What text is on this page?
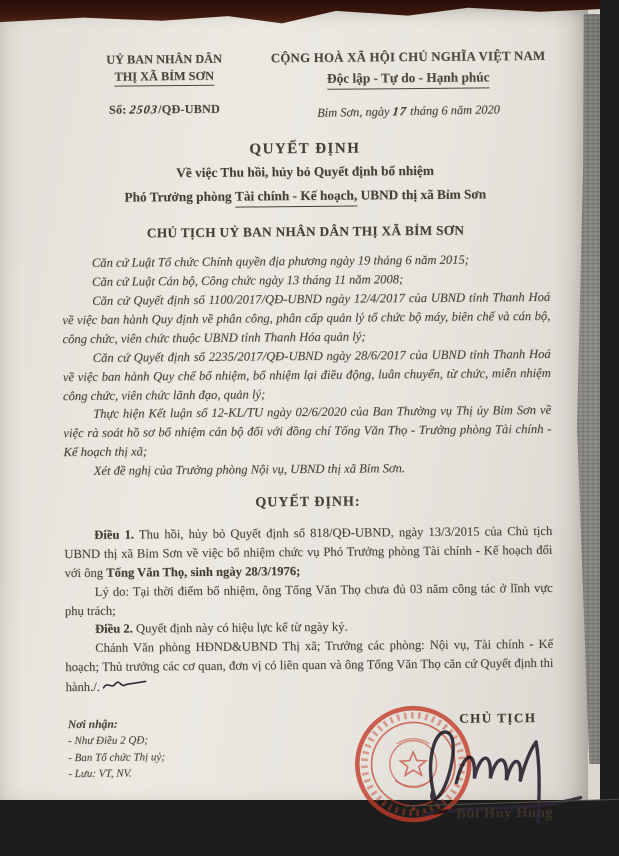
UỶ BAN NHÂN DÂN
THỊ XÃ BỈM SƠN
Số: 2503/QĐ-UBND
CỘNG HOÀ XÃ HỘI CHỦ NGHĨA VIỆT NAM
Độc lập - Tự do - Hạnh phúc
Bỉm Sơn, ngày 17 tháng 6 năm 2020
QUYẾT ĐỊNH
Về việc Thu hồi, hủy bỏ Quyết định bổ nhiệm
Phó Trưởng phòng Tài chính - Kế hoạch, UBND thị xã Bỉm Sơn
CHỦ TỊCH UỶ BAN NHÂN DÂN THỊ XÃ BỈM SƠN

Căn cứ Luật Tổ chức Chính quyền địa phương ngày 19 tháng 6 năm 2015;

Căn cứ Luật Cán bộ, Công chức ngày 13 tháng 11 năm 2008;

Căn cứ Quyết định số 1100/2017/QĐ-UBND ngày 12/4/2017 của UBND tỉnh Thanh Hoá về việc ban hành Quy định về phân công, phân cấp quản lý tổ chức bộ máy, biên chế và cán bộ, công chức, viên chức thuộc UBND tỉnh Thanh Hóa quản lý;

Căn cứ Quyết định số 2235/2017/QĐ-UBND ngày 28/6/2017 của UBND tỉnh Thanh Hoá về việc ban hành Quy chế bổ nhiệm, bổ nhiệm lại điều động, luân chuyển, từ chức, miễn nhiệm công chức, viên chức lãnh đạo, quản lý;

Thực hiện Kết luận số 12-KL/TU ngày 02/6/2020 của Ban Thường vụ Thị ủy Bỉm Sơn về việc rà soát hồ sơ bổ nhiệm cán bộ đối với đồng chí Tống Văn Thọ - Trưởng phòng Tài chính - Kế hoạch thị xã;

Xét đề nghị của Trưởng phòng Nội vụ, UBND thị xã Bỉm Sơn.

QUYẾT ĐỊNH:

Điều 1. Thu hồi, hủy bỏ Quyết định số 818/QĐ-UBND, ngày 13/3/2015 của Chủ tịch UBND thị xã Bỉm Sơn về việc bổ nhiệm chức vụ Phó Trưởng phòng Tài chính - Kế hoạch đối với ông Tống Văn Thọ, sinh ngày 28/3/1976;

Lý do: Tại thời điểm bổ nhiệm, ông Tống Văn Thọ chưa đủ 03 năm công tác ở lĩnh vực phụ trách;

Điều 2. Quyết định này có hiệu lực kể từ ngày ký.

Chánh Văn phòng HĐND&UBND Thị xã; Trưởng các phòng: Nội vụ, Tài chính - Kế hoạch; Thủ trưởng các cơ quan, đơn vị có liên quan và ông Tống Văn Thọ căn cứ Quyết định thi hành./.

Nơi nhận:
- Như Điều 2 QĐ;
- Ban Tổ chức Thị uỷ;
- Lưu: VT, NV.
CHỦ TỊCH
Bùi Huy Hùng
